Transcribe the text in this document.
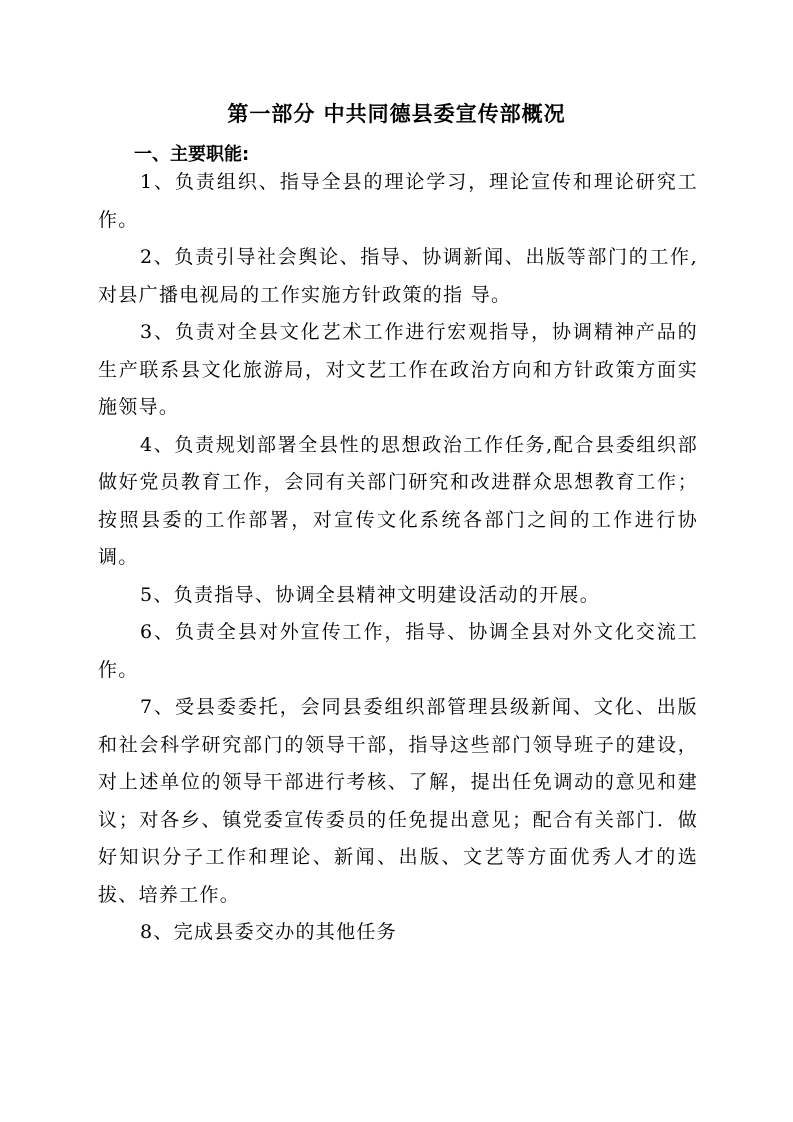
第一部分 中共同德县委宣传部概况
一、主要职能:

1、负责组织、指导全县的理论学习，理论宣传和理论研究工作。

2、负责引导社会舆论、指导、协调新闻、出版等部门的工作,对县广播电视局的工作实施方针政策的指 导。

3、负责对全县文化艺术工作进行宏观指导，协调精神产品的生产联系县文化旅游局，对文艺工作在政治方向和方针政策方面实施领导。

4、负责规划部署全县性的思想政治工作任务,配合县委组织部做好党员教育工作，会同有关部门研究和改进群众思想教育工作；按照县委的工作部署，对宣传文化系统各部门之间的工作进行协调。

5、负责指导、协调全县精神文明建设活动的开展。

6、负责全县对外宣传工作，指导、协调全县对外文化交流工作。

7、受县委委托，会同县委组织部管理县级新闻、文化、出版和社会科学研究部门的领导干部，指导这些部门领导班子的建设，对上述单位的领导干部进行考核、了解，提出任免调动的意见和建议；对各乡、镇党委宣传委员的任免提出意见；配合有关部门．做好知识分子工作和理论、新闻、出版、文艺等方面优秀人才的选拔、培养工作。

8、完成县委交办的其他任务
